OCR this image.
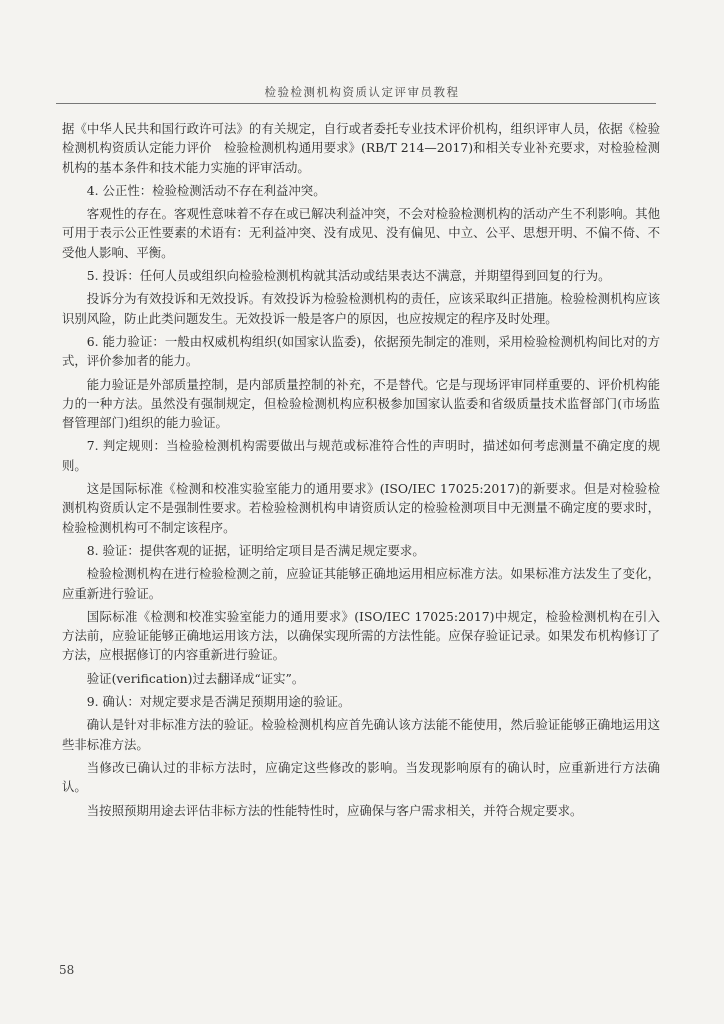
检验检测机构资质认定评审员教程

据《中华人民共和国行政许可法》的有关规定，自行或者委托专业技术评价机构，组织评审人员，依据《检验检测机构资质认定能力评价　检验检测机构通用要求》(RB/T 214—2017)和相关专业补充要求，对检验检测机构的基本条件和技术能力实施的评审活动。

4. 公正性：检验检测活动不存在利益冲突。

客观性的存在。客观性意味着不存在或已解决利益冲突，不会对检验检测机构的活动产生不利影响。其他可用于表示公正性要素的术语有：无利益冲突、没有成见、没有偏见、中立、公平、思想开明、不偏不倚、不受他人影响、平衡。

5. 投诉：任何人员或组织向检验检测机构就其活动或结果表达不满意，并期望得到回复的行为。

投诉分为有效投诉和无效投诉。有效投诉为检验检测机构的责任，应该采取纠正措施。检验检测机构应该识别风险，防止此类问题发生。无效投诉一般是客户的原因，也应按规定的程序及时处理。

6. 能力验证：一般由权威机构组织(如国家认监委)，依据预先制定的准则，采用检验检测机构间比对的方式，评价参加者的能力。

能力验证是外部质量控制，是内部质量控制的补充，不是替代。它是与现场评审同样重要的、评价机构能力的一种方法。虽然没有强制规定，但检验检测机构应积极参加国家认监委和省级质量技术监督部门(市场监督管理部门)组织的能力验证。

7. 判定规则：当检验检测机构需要做出与规范或标准符合性的声明时，描述如何考虑测量不确定度的规则。

这是国际标准《检测和校准实验室能力的通用要求》(ISO/IEC 17025:2017)的新要求。但是对检验检测机构资质认定不是强制性要求。若检验检测机构申请资质认定的检验检测项目中无测量不确定度的要求时，检验检测机构可不制定该程序。

8. 验证：提供客观的证据，证明给定项目是否满足规定要求。

检验检测机构在进行检验检测之前，应验证其能够正确地运用相应标准方法。如果标准方法发生了变化，应重新进行验证。

国际标准《检测和校准实验室能力的通用要求》(ISO/IEC 17025:2017)中规定，检验检测机构在引入方法前，应验证能够正确地运用该方法，以确保实现所需的方法性能。应保存验证记录。如果发布机构修订了方法，应根据修订的内容重新进行验证。

验证(verification)过去翻译成“证实”。

9. 确认：对规定要求是否满足预期用途的验证。

确认是针对非标准方法的验证。检验检测机构应首先确认该方法能不能使用，然后验证能够正确地运用这些非标准方法。

当修改已确认过的非标方法时，应确定这些修改的影响。当发现影响原有的确认时，应重新进行方法确认。

当按照预期用途去评估非标方法的性能特性时，应确保与客户需求相关，并符合规定要求。

58
